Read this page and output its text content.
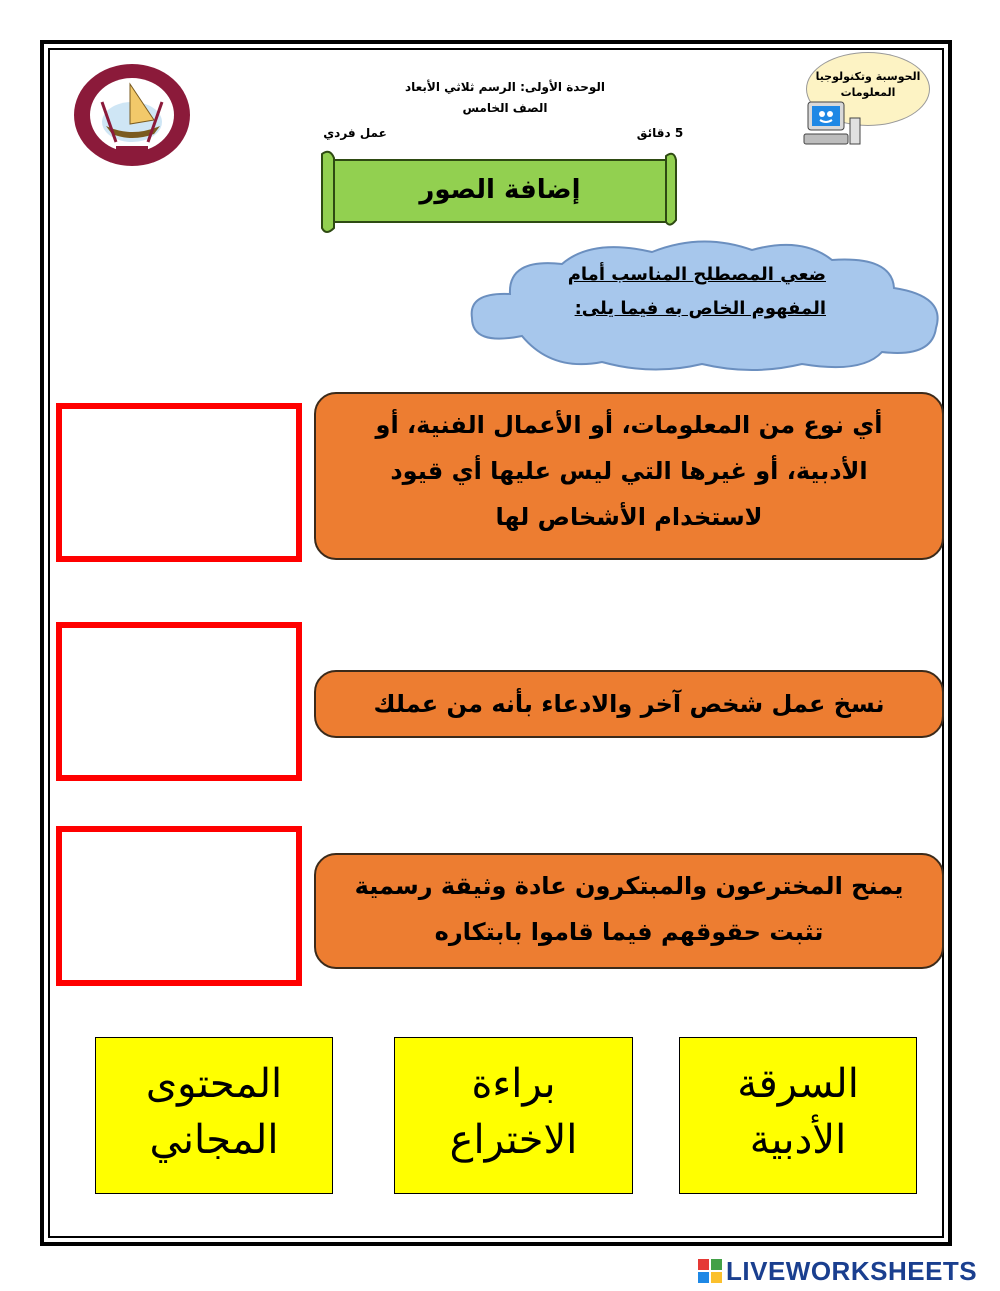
الوحدة الأولى: الرسم ثلاثي الأبعاد
الصف الخامس
5 دقائق
عمل فردي
الحوسبة وتكنولوجيا
المعلومات
إضافة الصور
ضعي المصطلح المناسب أمام
المفهوم الخاص به فيما يلى:
أي نوع من المعلومات، أو الأعمال الفنية، أو الأدبية، أو غيرها التي ليس عليها أي قيود لاستخدام الأشخاص لها
نسخ عمل شخص آخر والادعاء بأنه من عملك
يمنح المخترعون والمبتكرون عادة وثيقة رسمية تثبت حقوقهم فيما قاموا بابتكاره
المحتوى
المجاني
براءة
الاختراع
السرقة
الأدبية
LIVEWORKSHEETS
